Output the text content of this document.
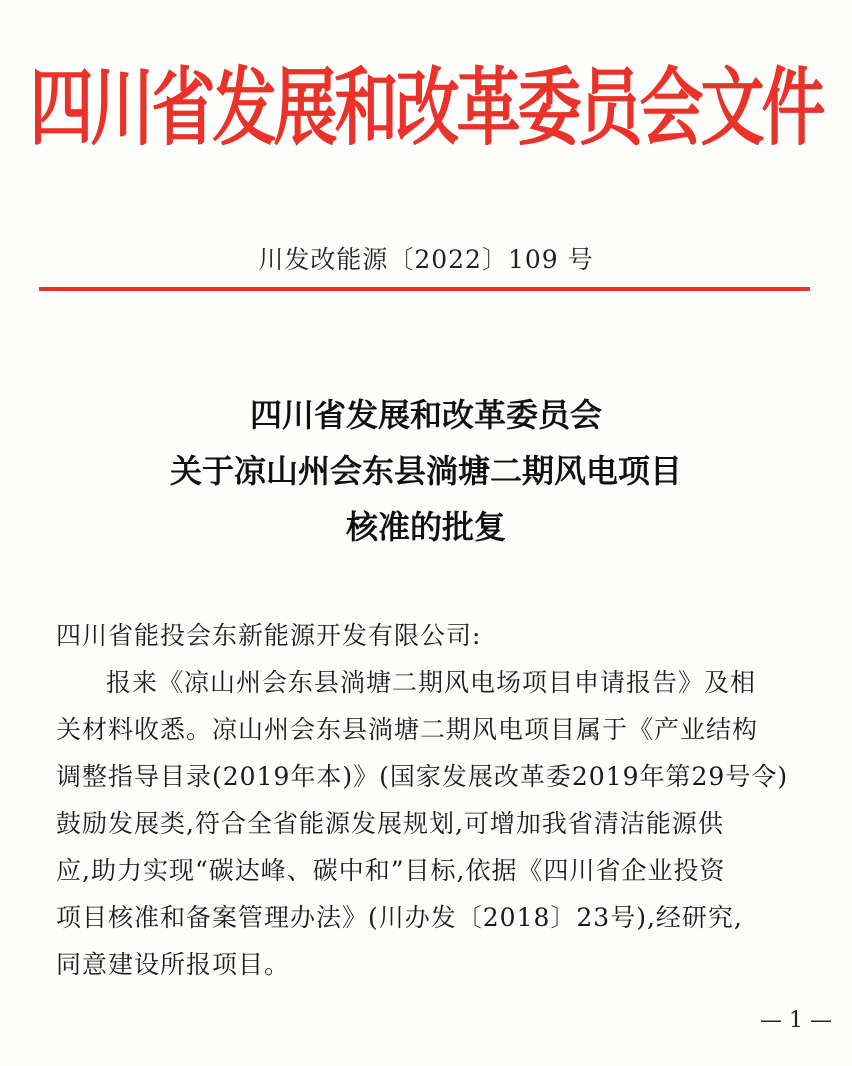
四川省发展和改革委员会文件
川发改能源〔2022〕109 号
四川省发展和改革委员会
关于凉山州会东县淌塘二期风电项目
核准的批复
四川省能投会东新能源开发有限公司:
报来《凉山州会东县淌塘二期风电场项目申请报告》及相
关材料收悉。凉山州会东县淌塘二期风电项目属于《产业结构
调整指导目录(2019年本)》(国家发展改革委2019年第29号令)
鼓励发展类,符合全省能源发展规划,可增加我省清洁能源供
应,助力实现“碳达峰、碳中和”目标,依据《四川省企业投资
项目核准和备案管理办法》(川办发〔2018〕23号),经研究,
同意建设所报项目。
— 1 —
